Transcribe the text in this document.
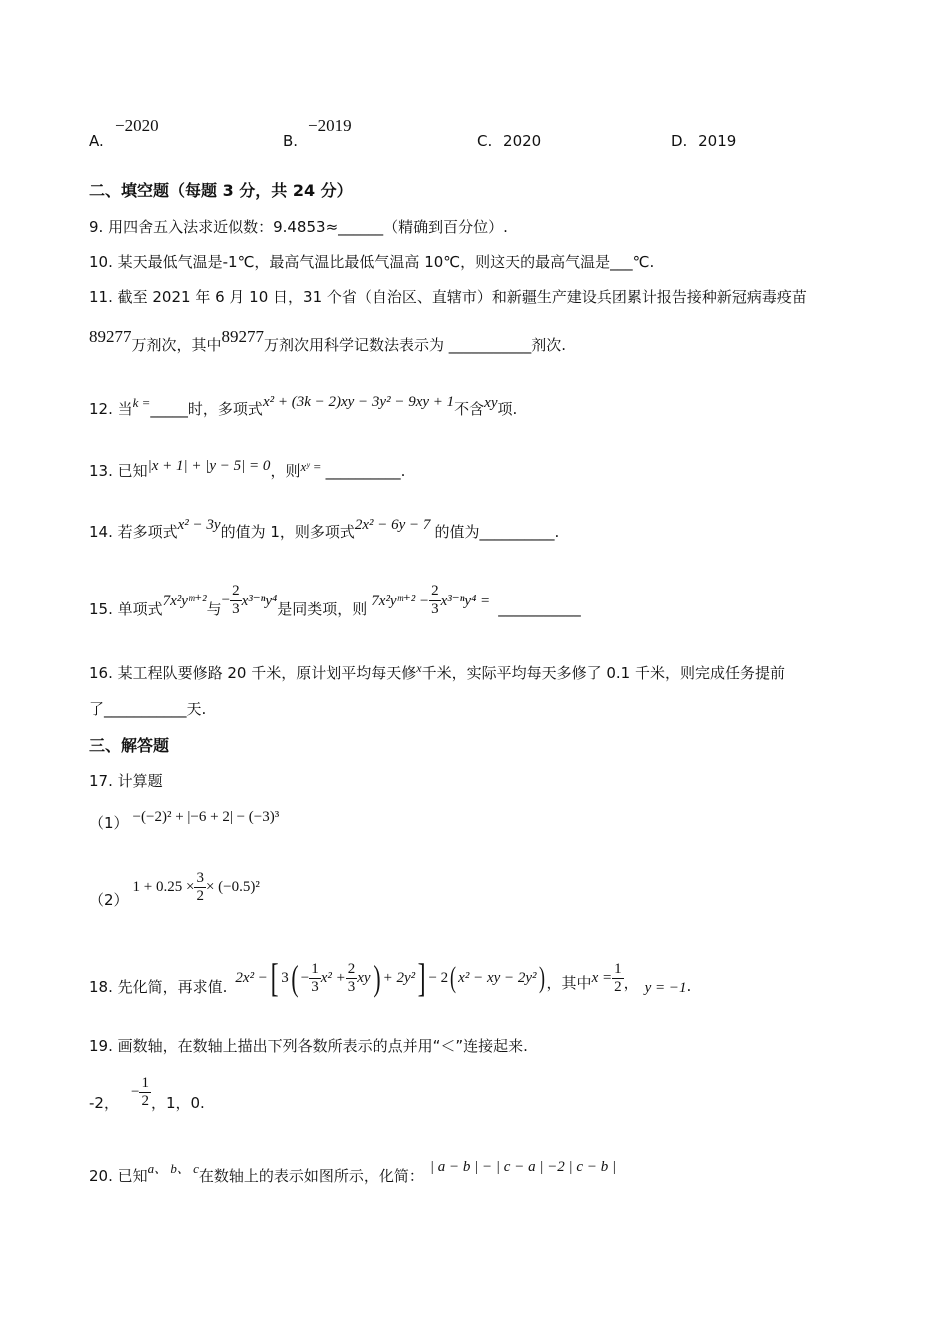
A.
−2020
B.
−2019
C. 2020	D. 2019
二、填空题（每题 3 分，共 24 分）
9. 用四舍五入法求近似数：9.4853≈______（精确到百分位）.
10. 某天最低气温是-1℃，最高气温比最低气温高 10℃，则这天的最高气温是___℃.
11. 截至 2021 年 6 月 10 日，31 个省（自治区、直辖市）和新疆生产建设兵团累计报告接种新冠病毒疫苗
89277万剂次，其中89277万剂次用科学记数法表示为 ___________剂次.
12. 当k =_____时，多项式x² + (3k − 2)xy − 3y² − 9xy + 1不含xy项.
13. 已知|x + 1| + |y − 5| = 0，则xʸ = __________.
14. 若多项式x² − 3y的值为 1，则多项式2x² − 6y − 7 的值为__________.
15. 单项式 7x²yᵐ⁺² 与 − $\frac{2}{3} x^{3-n}y^4$ 是同类项，则 7x²yᵐ⁺² − $\frac{2}{3} x^{3-n}y^4$ = ___________
16. 某工程队要修路 20 千米，原计划平均每天修$^x$千米，实际平均每天多修了 0.1 千米，则完成任务提前
了___________天.
三、解答题
17. 计算题
（1） −(−2)² + |−6 + 2| − (−3)³
（2）
$1 + 0.25 \times \frac{3}{2} \times (-0.5)^2$
18. 先化简，再求值. 2x² − [ 3 ( − $\frac{1}{3} x^2 + \frac{2}{3}$ xy ) + 2y² ] − 2 ( x² − xy − 2y² ) ，其中 $x = \frac{1}{2}$ ， y = −1 .
19. 画数轴，在数轴上描出下列各数所表示的点并用“＜”连接起来.
-2，
− $\frac{1}{2}$ ，1，0.
20. 已知a、 b、 c在数轴上的表示如图所示，化简： | a − b | − | c − a | −2 | c − b |
